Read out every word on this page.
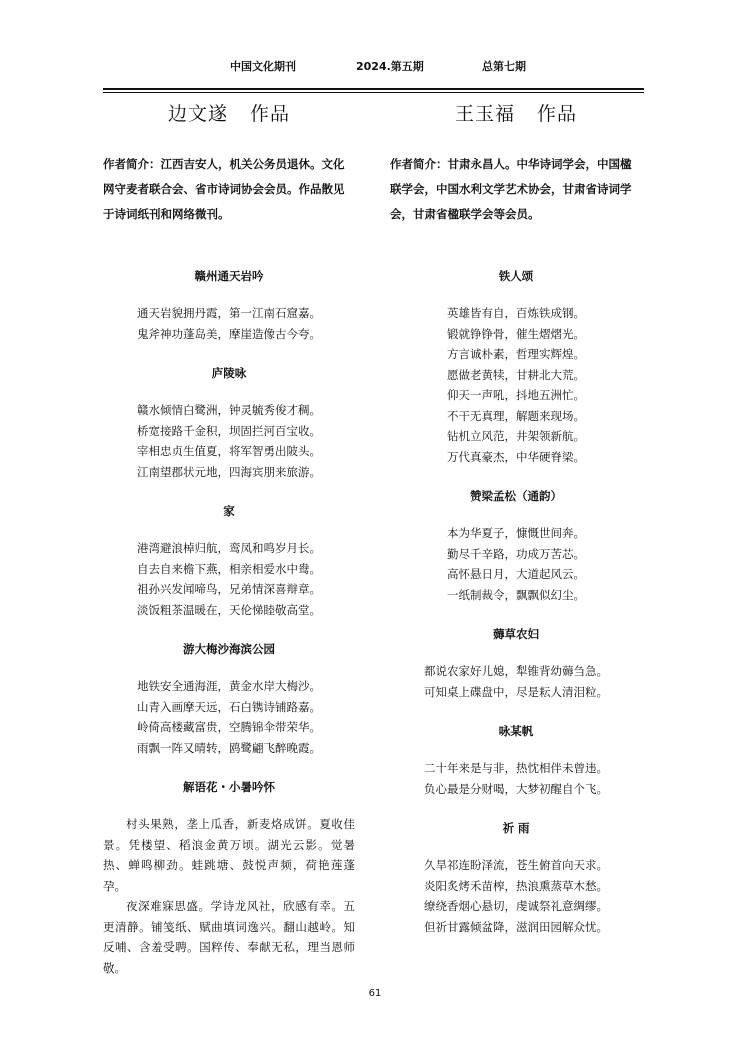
中国文化期刊	2024.第五期	总第七期
边文遂 作品
作者简介：江西吉安人，机关公务员退休。文化网守麦者联合会、省市诗词协会会员。作品散见于诗词纸刊和网络微刊。
赣州通天岩吟
通天岩貌拥丹霞，第一江南石窟嘉。
鬼斧神功蓬岛美，摩崖造像古今夸。
庐陵咏
赣水倾情白鹭洲，钟灵毓秀俊才稠。
桥宽接路千金积，坝固拦河百宝收。
宰相忠贞生值夏，将军智勇出陂头。
江南望郡状元地，四海宾朋来旅游。
家
港湾避浪棹归航，鸾凤和鸣岁月长。
自去自来檐下燕，相亲相爱水中鸯。
祖孙兴发闻啼鸟，兄弟情深喜辩章。
淡饭粗茶温暖在，天伦悌睦敬高堂。
游大梅沙海滨公园
地铁安全通海涯，黄金水岸大梅沙。
山青入画摩天远，石白镌诗铺路嘉。
岭倚高楼藏富贵，空腾锦伞带荣华。
雨飘一阵又晴转，鸥鹭翩飞醉晚霞。
解语花・小暑吟怀

村头果熟，垄上瓜香，新麦烙成饼。夏收佳景。凭楼望、稻浪金黄万顷。湖光云影。觉暑热、蝉鸣柳劲。蛙跳塘、鼓悦声频，荷艳莲蓬孕。

夜深难寐思盛。学诗龙风社，欣感有幸。五更清静。铺笺纸、赋曲填词逸兴。翻山越岭。知反哺、含羞受聘。国粹传、奉献无私，理当恩师敬。

王玉福 作品
作者简介：甘肃永昌人。中华诗词学会，中国楹联学会，中国水利文学艺术协会，甘肃省诗词学会，甘肃省楹联学会等会员。
铁人颂
英雄皆有自，百炼铁成钢。
锻就铮铮骨，催生熠熠光。
方言诚朴素，哲理实辉煌。
愿做老黄犊，甘耕北大荒。
仰天一声吼，抖地五洲忙。
不干无真理，解题来现场。
钻机立风范，井架领新航。
万代真豪杰，中华硬脊梁。
赞梁孟松（通韵）
本为华夏子，慷慨世间奔。
勤尽千辛路，功成万苦芯。
高怀悬日月，大道起风云。
一纸制裁令，飘飘似幻尘。
薅草农妇
都说农家好儿媳，犁锥背幼薅刍急。
可知桌上碟盘中，尽是耘人清泪粒。
咏某帆
二十年来是与非，热忱相伴未曾违。
负心最是分财喝，大梦初醒自个飞。
祈 雨
久旱祁连盼泽流，苍生俯首向天求。
炎阳炙烤禾苗榨，热浪熏蒸草木愁。
缭绕香烟心悬切，虔诚祭礼意绸缪。
但祈甘露倾盆降，滋润田园解众忧。
61
